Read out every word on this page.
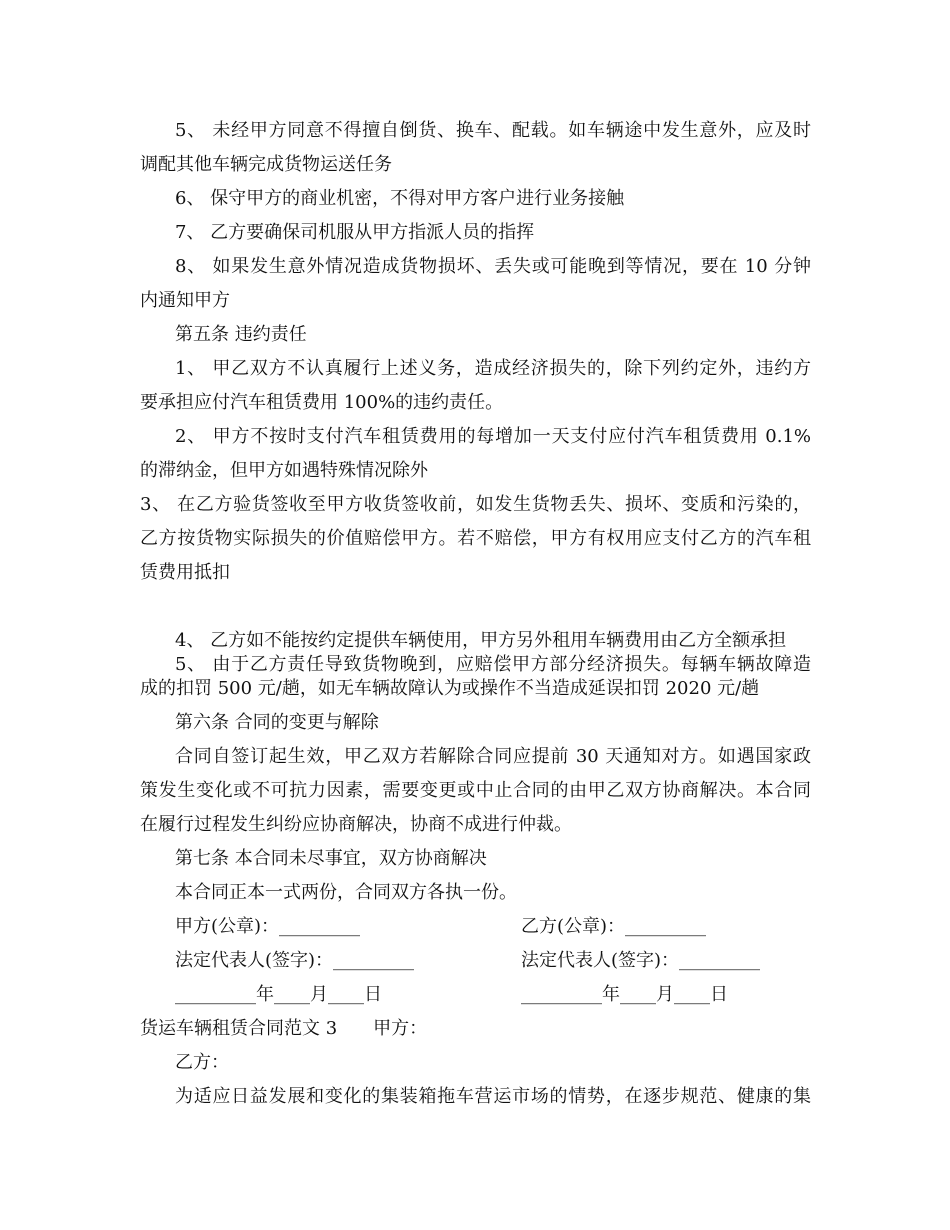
5、 未经甲方同意不得擅自倒货、换车、配载。如车辆途中发生意外，应及时
调配其他车辆完成货物运送任务
6、 保守甲方的商业机密，不得对甲方客户进行业务接触
7、 乙方要确保司机服从甲方指派人员的指挥
8、 如果发生意外情况造成货物损坏、丢失或可能晚到等情况，要在 10 分钟
内通知甲方
第五条 违约责任
1、 甲乙双方不认真履行上述义务，造成经济损失的，除下列约定外，违约方
要承担应付汽车租赁费用 100%的违约责任。
2、 甲方不按时支付汽车租赁费用的每增加一天支付应付汽车租赁费用 0.1%
的滞纳金，但甲方如遇特殊情况除外
3、 在乙方验货签收至甲方收货签收前，如发生货物丢失、损坏、变质和污染的，
乙方按货物实际损失的价值赔偿甲方。若不赔偿，甲方有权用应支付乙方的汽车租
赁费用抵扣
4、 乙方如不能按约定提供车辆使用，甲方另外租用车辆费用由乙方全额承担
5、 由于乙方责任导致货物晚到，应赔偿甲方部分经济损失。每辆车辆故障造
成的扣罚 500 元/趟，如无车辆故障认为或操作不当造成延误扣罚 2020 元/趟
第六条 合同的变更与解除
合同自签订起生效，甲乙双方若解除合同应提前 30 天通知对方。如遇国家政
策发生变化或不可抗力因素，需要变更或中止合同的由甲乙双方协商解决。本合同
在履行过程发生纠纷应协商解决，协商不成进行仲裁。
第七条 本合同未尽事宜，双方协商解决
本合同正本一式两份，合同双方各执一份。
甲方(公章)：_________	乙方(公章)：_________
法定代表人(签字)：_________	法定代表人(签字)：_________
_________年____月____日	_________年____月____日
货运车辆租赁合同范文 3　　甲方：
乙方：
为适应日益发展和变化的集装箱拖车营运市场的情势，在逐步规范、健康的集
